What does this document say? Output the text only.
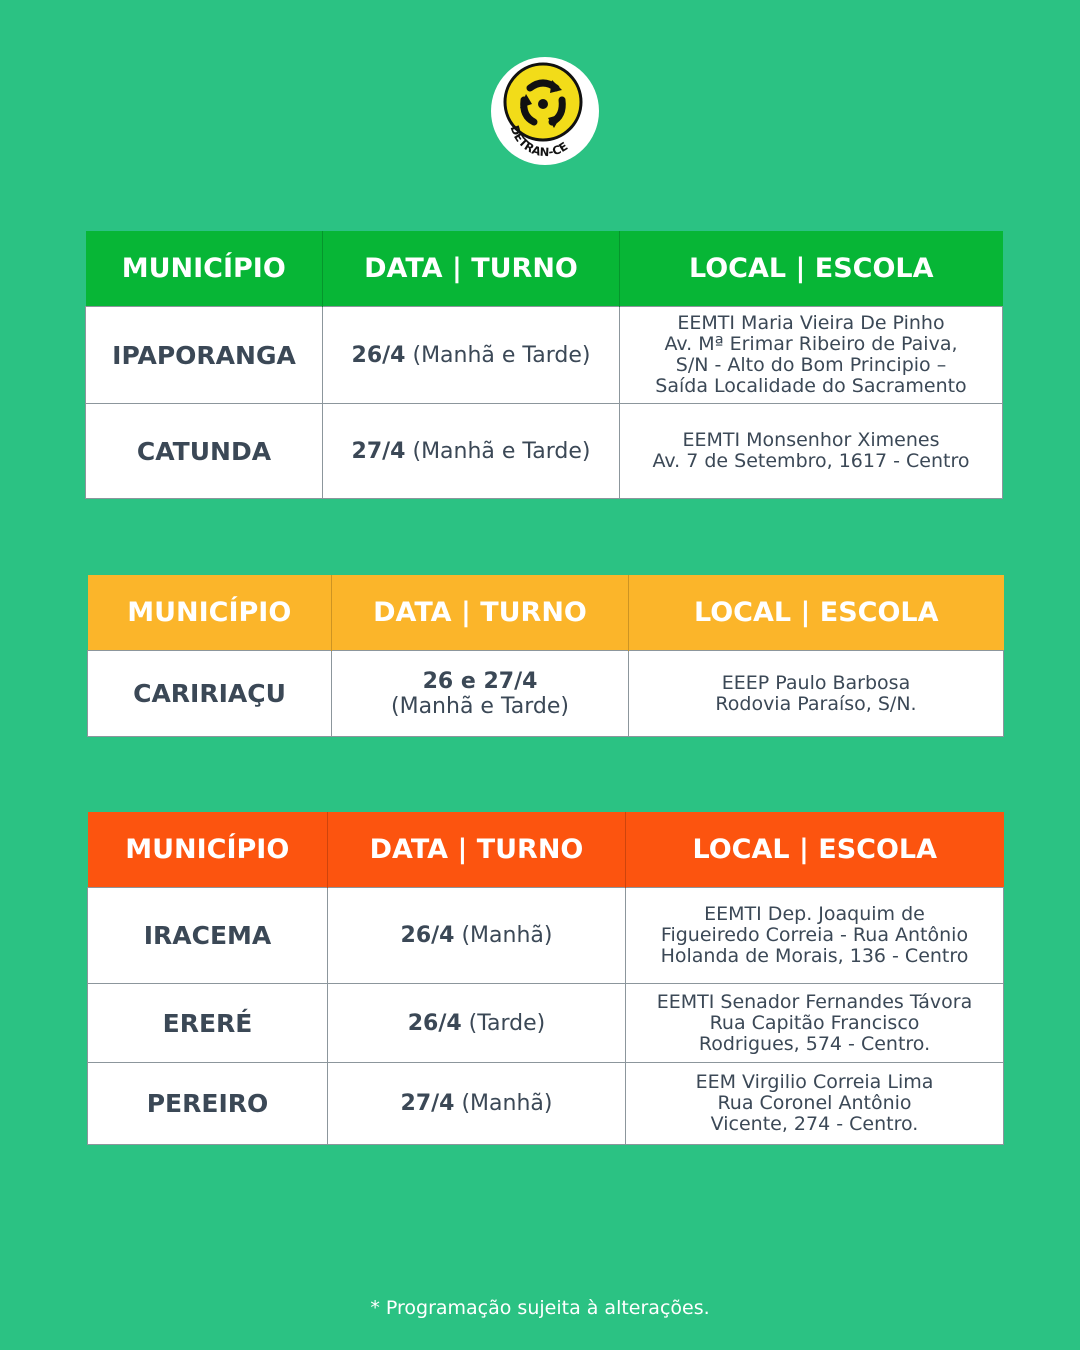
DETRAN-CE
MUNICÍPIO	DATA | TURNO	LOCAL | ESCOLA
IPAPORANGA	26/4 (Manhã e Tarde)	EEMTI Maria Vieira De Pinho
Av. Mª Erimar Ribeiro de Paiva,
S/N - Alto do Bom Principio –
Saída Localidade do Sacramento

CATUNDA	27/4 (Manhã e Tarde)	EEMTI Monsenhor Ximenes
Av. 7 de Setembro, 1617 - Centro
MUNICÍPIO	DATA | TURNO	LOCAL | ESCOLA
CARIRIAÇU	26 e 27/4
(Manhã e Tarde)	EEEP Paulo Barbosa
Rodovia Paraíso, S/N.
MUNICÍPIO	DATA | TURNO	LOCAL | ESCOLA
IRACEMA	26/4 (Manhã)	EEMTI Dep. Joaquim de
Figueiredo Correia - Rua Antônio
Holanda de Morais, 136 - Centro

ERERÉ	26/4 (Tarde)	EEMTI Senador Fernandes Távora
Rua Capitão Francisco
Rodrigues, 574 - Centro.

PEREIRO	27/4 (Manhã)	EEM Virgilio Correia Lima
Rua Coronel Antônio
Vicente, 274 - Centro.
* Programação sujeita à alterações.
